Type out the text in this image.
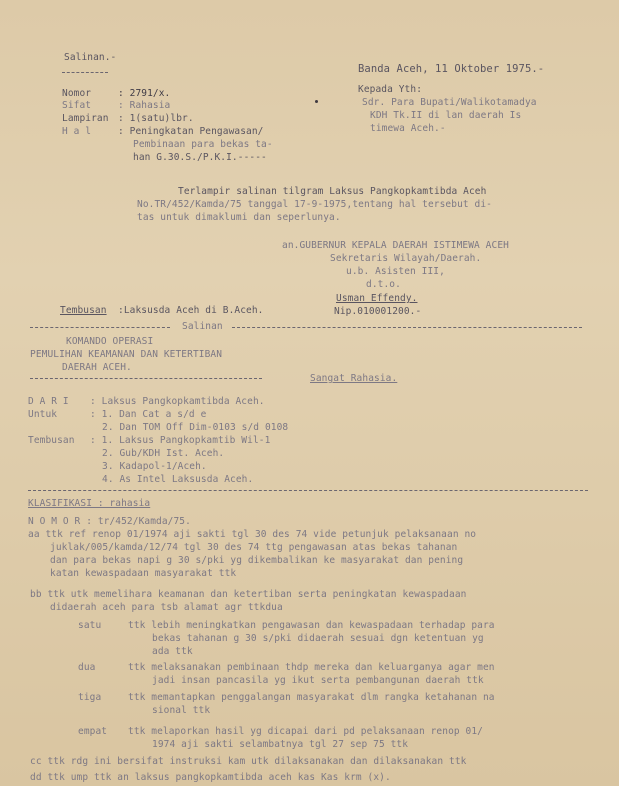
Salinan.-
Nomor	: 2791/x.
Sifat	: Rahasia
Lampiran : 1(satu)lbr.
H a l	: Peningkatan Pengawasan/
Pembinaan para bekas ta-
han G.30.S./P.K.I.-----
Banda Aceh, 11 Oktober 1975.-
Kepada Yth:
Sdr. Para Bupati/Walikotamadya
KDH Tk.II di lan daerah Is
timewa Aceh.-
Terlampir salinan tilgram Laksus Pangkopkamtibda Aceh
No.TR/452/Kamda/75 tanggal 17-9-1975,tentang hal tersebut di-
tas untuk dimaklumi dan seperlunya.
an.GUBERNUR KEPALA DAERAH ISTIMEWA ACEH
Sekretaris Wilayah/Daerah.
u.b. Asisten III,
d.t.o.
Usman Effendy.
Nip.010001200.-
Tembusan :Laksusda Aceh di B.Aceh.
Salinan
KOMANDO OPERASI
PEMULIHAN KEAMANAN DAN KETERTIBAN
DAERAH ACEH.
Sangat Rahasia.
D A R I : Laksus Pangkopkamtibda Aceh.
Untuk	: 1. Dan Cat a s/d e
2. Dan TOM Off Dim-0103 s/d 0108
Tembusan : 1. Laksus Pangkopkamtib Wil-1
2. Gub/KDH Ist. Aceh.
3. Kadapol-1/Aceh.
4. As Intel Laksusda Aceh.
KLASIFIKASI : rahasia
N O M O R : tr/452/Kamda/75.
aa ttk ref renop 01/1974 aji sakti tgl 30 des 74 vide petunjuk pelaksanaan no
juklak/005/kamda/12/74 tgl 30 des 74 ttg pengawasan atas bekas tahanan
dan para bekas napi g 30 s/pki yg dikembalikan ke masyarakat dan pening
katan kewaspadaan masyarakat ttk
bb ttk utk memelihara keamanan dan ketertiban serta peningkatan kewaspadaan
didaerah aceh para tsb alamat agr ttkdua
satu	ttk lebih meningkatkan pengawasan dan kewaspadaan terhadap para
bekas tahanan g 30 s/pki didaerah sesuai dgn ketentuan yg
ada ttk
dua	ttk melaksanakan pembinaan thdp mereka dan keluarganya agar men
jadi insan pancasila yg ikut serta pembangunan daerah ttk
tiga	ttk memantapkan penggalangan masyarakat dlm rangka ketahanan na
sional ttk
empat ttk melaporkan hasil yg dicapai dari pd pelaksanaan renop 01/
1974 aji sakti selambatnya tgl 27 sep 75 ttk
cc ttk rdg ini bersifat instruksi kam utk dilaksanakan dan dilaksanakan ttk
dd ttk ump ttk an laksus pangkopkamtibda aceh kas Kas krm (x).
